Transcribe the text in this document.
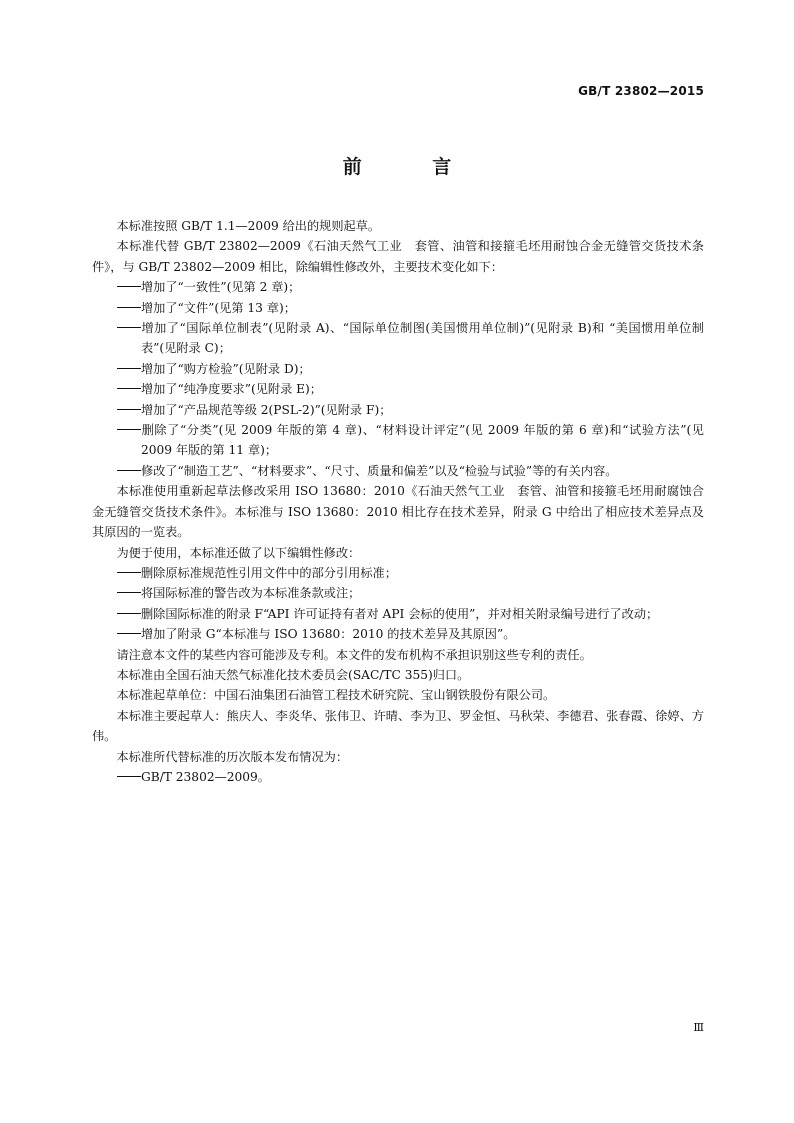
GB/T 23802—2015
前 言
本标准按照 GB/T 1.1—2009 给出的规则起草。
本标准代替 GB/T 23802—2009《石油天然气工业　套管、油管和接箍毛坯用耐蚀合金无缝管交货技术条件》，与 GB/T 23802—2009 相比，除编辑性修改外，主要技术变化如下：
增加了“一致性”(见第 2 章)；
增加了“文件”(见第 13 章)；
增加了“国际单位制表”(见附录 A)、“国际单位制图(美国惯用单位制)”(见附录 B)和 “美国惯用单位制表”(见附录 C)；
增加了“购方检验”(见附录 D)；
增加了“纯净度要求”(见附录 E)；
增加了“产品规范等级 2(PSL-2)”(见附录 F)；
删除了“分类”(见 2009 年版的第 4 章)、“材料设计评定”(见 2009 年版的第 6 章)和“试验方法”(见 2009 年版的第 11 章)；
修改了“制造工艺”、“材料要求”、“尺寸、质量和偏差”以及“检验与试验”等的有关内容。
本标准使用重新起草法修改采用 ISO 13680：2010《石油天然气工业　套管、油管和接箍毛坯用耐腐蚀合金无缝管交货技术条件》。本标准与 ISO 13680：2010 相比存在技术差异，附录 G 中给出了相应技术差异点及其原因的一览表。
为便于使用，本标准还做了以下编辑性修改：
删除原标准规范性引用文件中的部分引用标准；
将国际标准的警告改为本标准条款或注；
删除国际标准的附录 F“API 许可证持有者对 API 会标的使用”，并对相关附录编号进行了改动；
增加了附录 G“本标准与 ISO 13680：2010 的技术差异及其原因”。
请注意本文件的某些内容可能涉及专利。本文件的发布机构不承担识别这些专利的责任。
本标准由全国石油天然气标准化技术委员会(SAC/TC 355)归口。
本标准起草单位：中国石油集团石油管工程技术研究院、宝山钢铁股份有限公司。
本标准主要起草人：熊庆人、李炎华、张伟卫、许晴、李为卫、罗金恒、马秋荣、李德君、张春霞、徐婷、方伟。
本标准所代替标准的历次版本发布情况为：
GB/T 23802—2009。
Ⅲ
